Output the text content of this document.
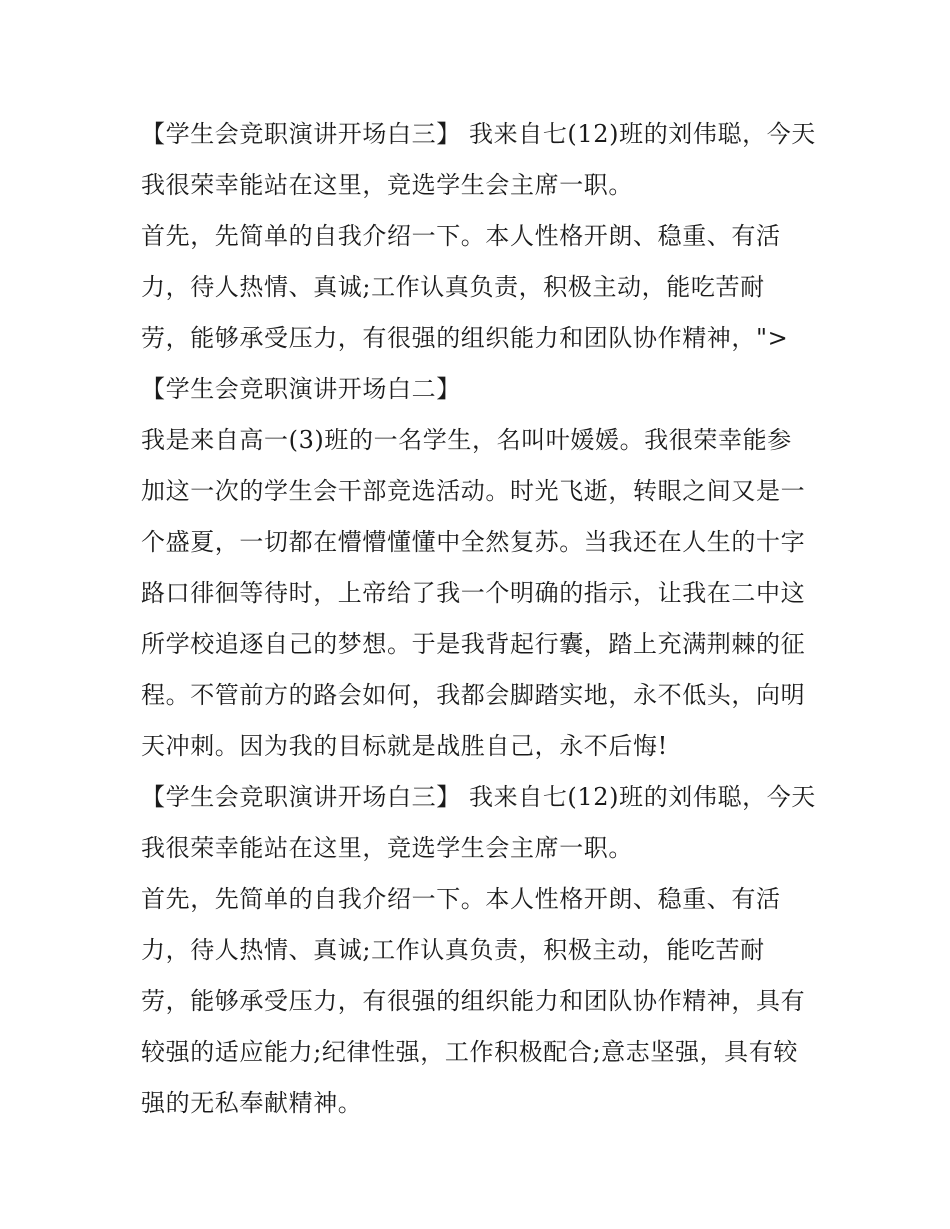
【学生会竞职演讲开场白三】 我来自七(12)班的刘伟聪，今天
我很荣幸能站在这里，竞选学生会主席一职。
首先，先简单的自我介绍一下。本人性格开朗、稳重、有活
力，待人热情、真诚;工作认真负责，积极主动，能吃苦耐
劳，能够承受压力，有很强的组织能力和团队协作精神，">
【学生会竞职演讲开场白二】
我是来自高一(3)班的一名学生，名叫叶媛媛。我很荣幸能参
加这一次的学生会干部竞选活动。时光飞逝，转眼之间又是一
个盛夏，一切都在懵懵懂懂中全然复苏。当我还在人生的十字
路口徘徊等待时，上帝给了我一个明确的指示，让我在二中这
所学校追逐自己的梦想。于是我背起行囊，踏上充满荆棘的征
程。不管前方的路会如何，我都会脚踏实地，永不低头，向明
天冲刺。因为我的目标就是战胜自己，永不后悔!
【学生会竞职演讲开场白三】 我来自七(12)班的刘伟聪，今天
我很荣幸能站在这里，竞选学生会主席一职。
首先，先简单的自我介绍一下。本人性格开朗、稳重、有活
力，待人热情、真诚;工作认真负责，积极主动，能吃苦耐
劳，能够承受压力，有很强的组织能力和团队协作精神，具有
较强的适应能力;纪律性强，工作积极配合;意志坚强，具有较
强的无私奉献精神。
